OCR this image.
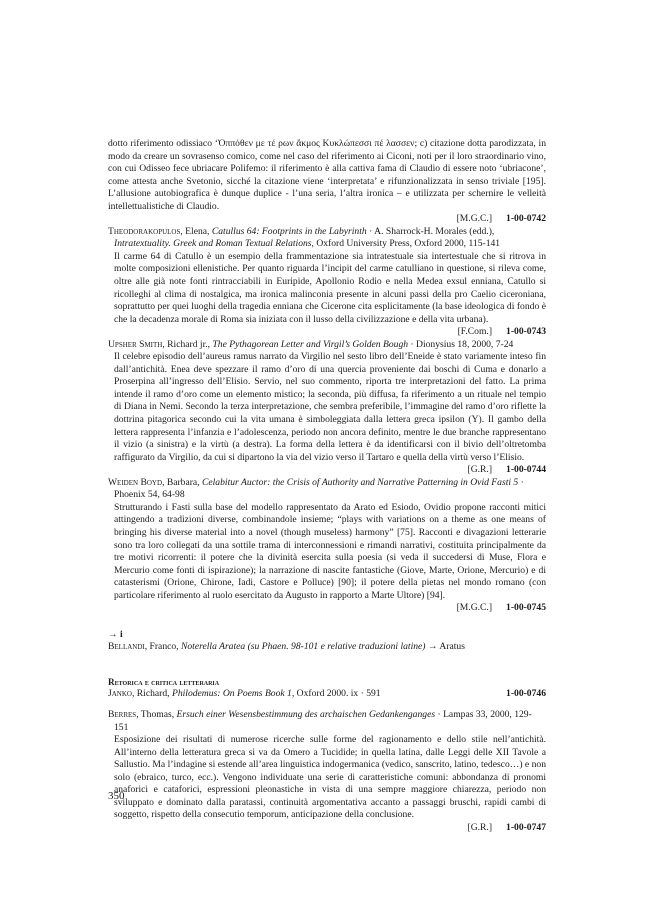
dotto riferimento odissiaco ‘Ὁππόθεν με τέ ρων ἄκμος Κυκλώπεσσι πέ λασσεν; c) citazione dotta parodizzata, in modo da creare un sovrasenso comico, come nel caso del riferimento ai Ciconi, noti per il loro straordinario vino, con cui Odisseo fece ubriacare Polifemo: il riferimento è alla cattiva fama di Claudio di essere noto ‘ubriacone’, come attesta anche Svetonio, sicché la citazione viene ‘interpretata’ e rifunzionalizzata in senso triviale [195]. L’allusione autobiografica è dunque duplice - l’una seria, l’altra ironica – e utilizzata per schernire le velleità intellettualistiche di Claudio.

[M.G.C.] 1-00-0742
Theodorakopulos, Elena, Catullus 64: Footprints in the Labyrinth · A. Sharrock-H. Morales (edd.), Intratextuality. Greek and Roman Textual Relations, Oxford University Press, Oxford 2000, 115-141

Il carme 64 di Catullo è un esempio della frammentazione sia intratestuale sia intertestuale che si ritrova in molte composizioni ellenistiche. Per quanto riguarda l’incipit del carme catulliano in questione, si rileva come, oltre alle già note fonti rintracciabili in Euripide, Apollonio Rodio e nella Medea exsul enniana, Catullo si ricolleghi al clima di nostalgica, ma ironica malinconia presente in alcuni passi della pro Caelio ciceroniana, soprattutto per quei luoghi della tragedia enniana che Cicerone cita esplicitamente (la base ideologica di fondo è che la decadenza morale di Roma sia iniziata con il lusso della civilizzazione e della vita urbana).

[F.Com.] 1-00-0743
Upsher Smith, Richard jr., The Pythagorean Letter and Virgil’s Golden Bough · Dionysius 18, 2000, 7-24

Il celebre episodio dell’aureus ramus narrato da Virgilio nel sesto libro dell’Eneide è stato variamente inteso fin dall’antichità. Enea deve spezzare il ramo d’oro di una quercia proveniente dai boschi di Cuma e donarlo a Proserpina all’ingresso dell’Elisio. Servio, nel suo commento, riporta tre interpretazioni del fatto. La prima intende il ramo d’oro come un elemento mistico; la seconda, più diffusa, fa riferimento a un rituale nel tempio di Diana in Nemi. Secondo la terza interpretazione, che sembra preferibile, l’immagine del ramo d’oro riflette la dottrina pitagorica secondo cui la vita umana è simboleggiata dalla lettera greca ipsilon (Y). Il gambo della lettera rappresenta l’infanzia e l’adolescenza, periodo non ancora definito, mentre le due branche rappresentano il vizio (a sinistra) e la virtù (a destra). La forma della lettera è da identificarsi con il bivio dell’oltretomba raffigurato da Virgilio, da cui si dipartono la via del vizio verso il Tartaro e quella della virtù verso l’Elisio.

[G.R.] 1-00-0744
Weiden Boyd, Barbara, Celabitur Auctor: the Crisis of Authority and Narrative Patterning in Ovid Fasti 5 · Phoenix 54, 64-98

Strutturando i Fasti sulla base del modello rappresentato da Arato ed Esiodo, Ovidio propone racconti mitici attingendo a tradizioni diverse, combinandole insieme; “plays with variations on a theme as one means of bringing his diverse material into a novel (though museless) harmony” [75]. Racconti e divagazioni letterarie sono tra loro collegati da una sottile trama di interconnessioni e rimandi narrativi, costituita principalmente da tre motivi ricorrenti: il potere che la divinità esercita sulla poesia (si veda il succedersi di Muse, Flora e Mercurio come fonti di ispirazione); la narrazione di nascite fantastiche (Giove, Marte, Orione, Mercurio) e di catasterismi (Orione, Chirone, Iadi, Castore e Polluce) [90]; il potere della pietas nel mondo romano (con particolare riferimento al ruolo esercitato da Augusto in rapporto a Marte Ultore) [94].

[M.G.C.] 1-00-0745
→ i
Bellandi, Franco, Noterella Aratea (su Phaen. 98-101 e relative traduzioni latine) → Aratus
Retorica e critica letteraria
Janko, Richard, Philodemus: On Poems Book 1, Oxford 2000. ix · 591	1-00-0746
Berres, Thomas, Ersuch einer Wesensbestimmung des archaischen Gedankenganges · Lampas 33, 2000, 129-151

Esposizione dei risultati di numerose ricerche sulle forme del ragionamento e dello stile nell’antichità. All’interno della letteratura greca si va da Omero a Tucidide; in quella latina, dalle Leggi delle XII Tavole a Sallustio. Ma l’indagine si estende all’area linguistica indogermanica (vedico, sanscrito, latino, tedesco…) e non solo (ebraico, turco, ecc.). Vengono individuate una serie di caratteristiche comuni: abbondanza di pronomi anaforici e cataforici, espressioni pleonastiche in vista di una sempre maggiore chiarezza, periodo non sviluppato e dominato dalla paratassi, continuità argomentativa accanto a passaggi bruschi, rapidi cambi di soggetto, rispetto della consecutio temporum, anticipazione della conclusione.

[G.R.] 1-00-0747
350
